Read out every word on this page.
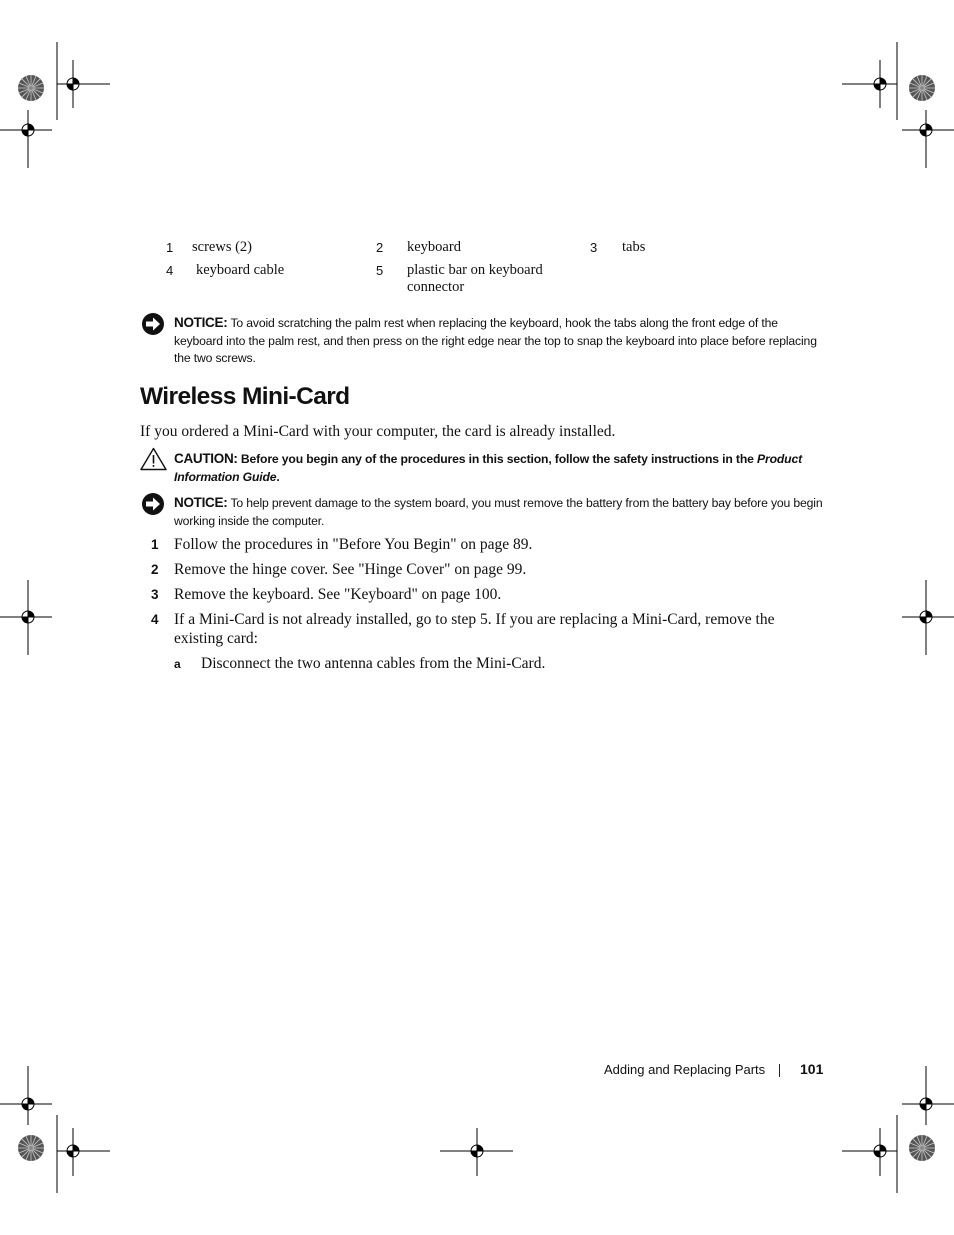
1 screws (2)	2 keyboard	3 tabs
4 keyboard cable	5 plastic bar on keyboard connector
NOTICE: To avoid scratching the palm rest when replacing the keyboard, hook the tabs along the front edge of the keyboard into the palm rest, and then press on the right edge near the top to snap the keyboard into place before replacing the two screws.
Wireless Mini-Card

If you ordered a Mini-Card with your computer, the card is already installed.

CAUTION: Before you begin any of the procedures in this section, follow the safety instructions in the Product Information Guide.
NOTICE: To help prevent damage to the system board, you must remove the battery from the battery bay before you begin working inside the computer.
1 Follow the procedures in "Before You Begin" on page 89.
2 Remove the hinge cover. See "Hinge Cover" on page 99.
3 Remove the keyboard. See "Keyboard" on page 100.
4 If a Mini-Card is not already installed, go to step 5. If you are replacing a Mini-Card, remove the existing card:
a Disconnect the two antenna cables from the Mini-Card.
Adding and Replacing Parts 101
